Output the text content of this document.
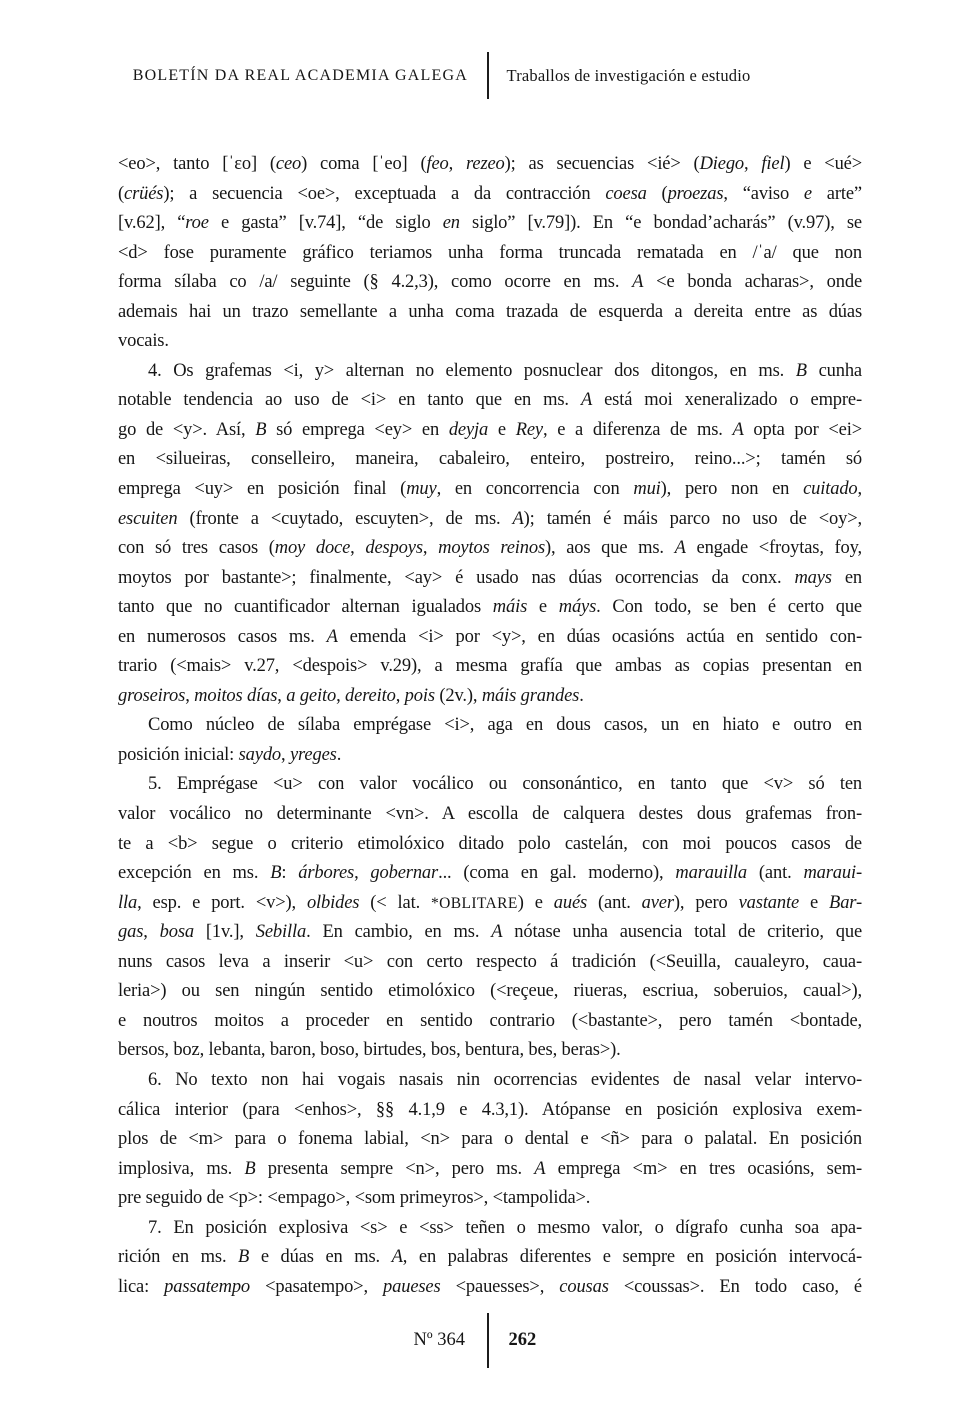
BOLETÍN DA REAL ACADEMIA GALEGA	Traballos de investigación e estudio
<eo>, tanto [ˈɛo] (ceo) coma [ˈeo] (feo, rezeo); as secuencias <ié> (Diego, fiel) e <ué>
(crüés); a secuencia <oe>, exceptuada a da contracción coesa (proezas, “aviso e arte”
[v.62], “roe e gasta” [v.74], “de siglo en siglo” [v.79]). En “e bondad’acharás” (v.97), se
<d> fose puramente gráfico teriamos unha forma truncada rematada en /ˈa/ que non
forma sílaba co /a/ seguinte (§ 4.2,3), como ocorre en ms. A <e bonda acharas>, onde
ademais hai un trazo semellante a unha coma trazada de esquerda a dereita entre as dúas
vocais.
4. Os grafemas <i, y> alternan no elemento posnuclear dos ditongos, en ms. B cunha
notable tendencia ao uso de <i> en tanto que en ms. A está moi xeneralizado o empre-
go de <y>. Así, B só emprega <ey> en deyja e Rey, e a diferenza de ms. A opta por <ei>
en <silueiras, conselleiro, maneira, cabaleiro, enteiro, postreiro, reino...>; tamén só
emprega <uy> en posición final (muy, en concorrencia con mui), pero non en cuitado,
escuiten (fronte a <cuytado, escuyten>, de ms. A); tamén é máis parco no uso de <oy>,
con só tres casos (moy doce, despoys, moytos reinos), aos que ms. A engade <froytas, foy,
moytos por bastante>; finalmente, <ay> é usado nas dúas ocorrencias da conx. mays en
tanto que no cuantificador alternan igualados máis e máys. Con todo, se ben é certo que
en numerosos casos ms. A emenda <i> por <y>, en dúas ocasións actúa en sentido con-
trario (<mais> v.27, <despois> v.29), a mesma grafía que ambas as copias presentan en
groseiros, moitos días, a geito, dereito, pois (2v.), máis grandes.
Como núcleo de sílaba emprégase <i>, aga en dous casos, un en hiato e outro en
posición inicial: saydo, yreges.
5. Emprégase <u> con valor vocálico ou consonántico, en tanto que <v> só ten
valor vocálico no determinante <vn>. A escolla de calquera destes dous grafemas fron-
te a <b> segue o criterio etimolóxico ditado polo castelán, con moi poucos casos de
excepción en ms. B: árbores, gobernar... (coma en gal. moderno), marauilla (ant. maraui-
lla, esp. e port. <v>), olbides (< lat. *OBLITARE) e aués (ant. aver), pero vastante e Bar-
gas, bosa [1v.], Sebilla. En cambio, en ms. A nótase unha ausencia total de criterio, que
nuns casos leva a inserir <u> con certo respecto á tradición (<Seuilla, caualeyro, caua-
leria>) ou sen ningún sentido etimolóxico (<reçeue, riueras, escriua, soberuios, caual>),
e noutros moitos a proceder en sentido contrario (<bastante>, pero tamén <bontade,
bersos, boz, lebanta, baron, boso, birtudes, bos, bentura, bes, beras>).
6. No texto non hai vogais nasais nin ocorrencias evidentes de nasal velar intervo-
cálica interior (para <enhos>, §§ 4.1,9 e 4.3,1). Atópanse en posición explosiva exem-
plos de <m> para o fonema labial, <n> para o dental e <ñ> para o palatal. En posición
implosiva, ms. B presenta sempre <n>, pero ms. A emprega <m> en tres ocasións, sem-
pre seguido de <p>: <empago>, <som primeyros>, <tampolida>.
7. En posición explosiva <s> e <ss> teñen o mesmo valor, o dígrafo cunha soa apa-
rición en ms. B e dúas en ms. A, en palabras diferentes e sempre en posición intervocá-
lica: passatempo <pasatempo>, paueses <pauesses>, cousas <coussas>. En todo caso, é
Nº 364	262
